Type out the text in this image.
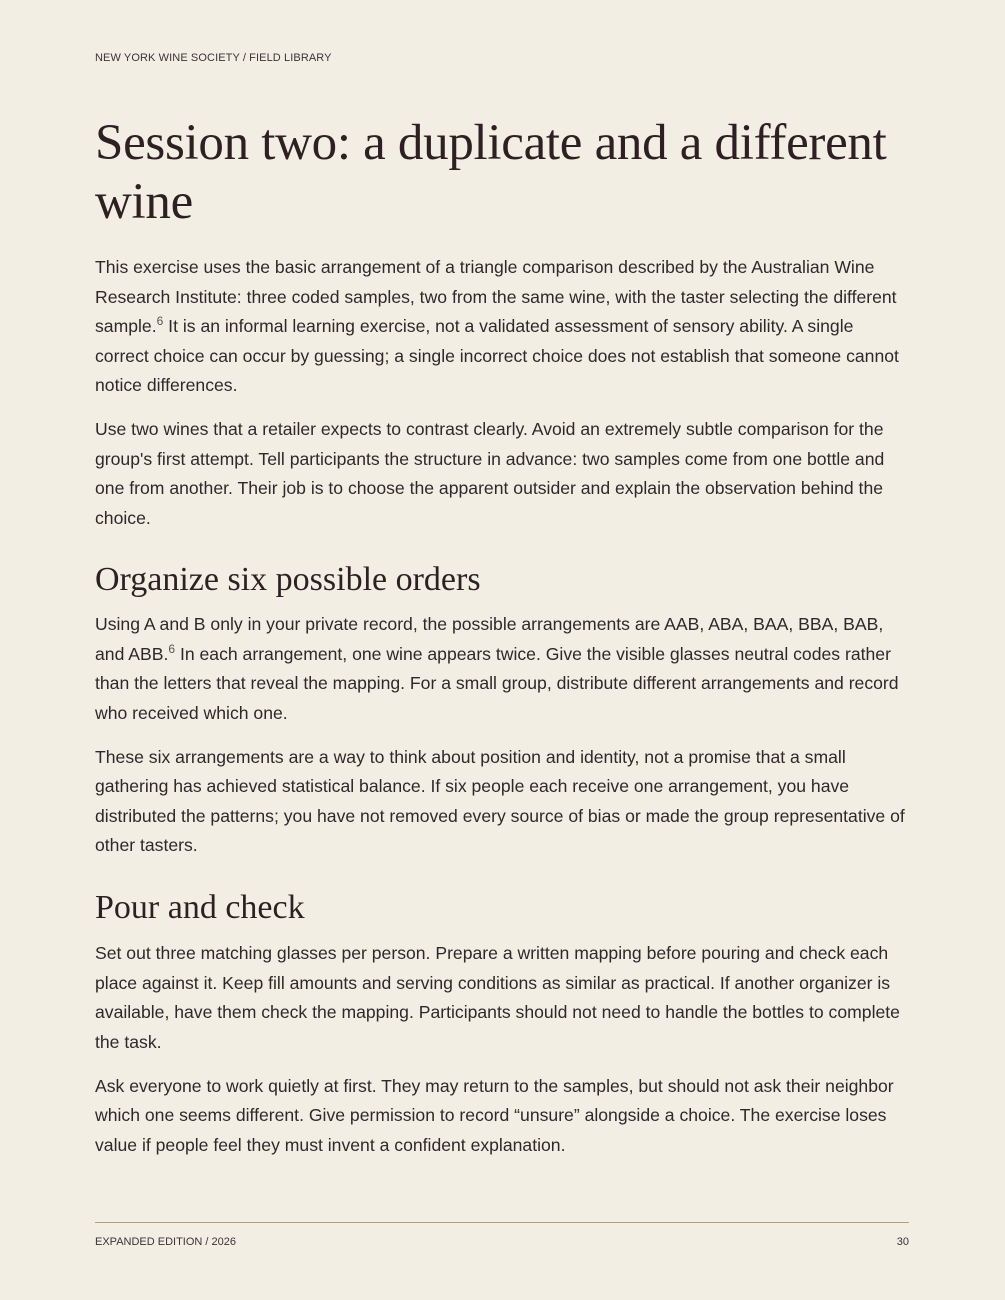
NEW YORK WINE SOCIETY / FIELD LIBRARY
Session two: a duplicate and a different wine

This exercise uses the basic arrangement of a triangle comparison described by the Australian Wine Research Institute: three coded samples, two from the same wine, with the taster selecting the different sample.$^6$ It is an informal learning exercise, not a validated assessment of sensory ability. A single correct choice can occur by guessing; a single incorrect choice does not establish that someone cannot notice differences.

Use two wines that a retailer expects to contrast clearly. Avoid an extremely subtle comparison for the group's first attempt. Tell participants the structure in advance: two samples come from one bottle and one from another. Their job is to choose the apparent outsider and explain the observation behind the choice.

Organize six possible orders

Using A and B only in your private record, the possible arrangements are AAB, ABA, BAA, BBA, BAB, and ABB.$^6$ In each arrangement, one wine appears twice. Give the visible glasses neutral codes rather than the letters that reveal the mapping. For a small group, distribute different arrangements and record who received which one.

These six arrangements are a way to think about position and identity, not a promise that a small gathering has achieved statistical balance. If six people each receive one arrangement, you have distributed the patterns; you have not removed every source of bias or made the group representative of other tasters.

Pour and check

Set out three matching glasses per person. Prepare a written mapping before pouring and check each place against it. Keep fill amounts and serving conditions as similar as practical. If another organizer is available, have them check the mapping. Participants should not need to handle the bottles to complete the task.

Ask everyone to work quietly at first. They may return to the samples, but should not ask their neighbor which one seems different. Give permission to record “unsure” alongside a choice. The exercise loses value if people feel they must invent a confident explanation.

EXPANDED EDITION / 2026	30
